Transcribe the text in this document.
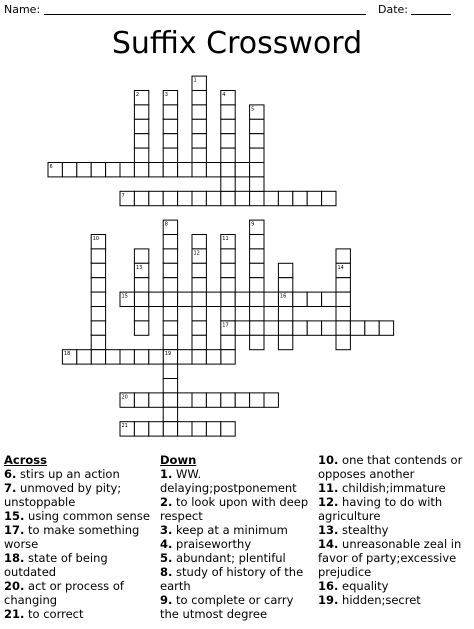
Name:	Date:
Suffix Crossword
6
7
2	3
1
4
5
8
19
9
10
13
12
11
17
16
14
15
18
20
21
Across
6. stirs up an action
7. unmoved by pity; unstoppable
15. using common sense
17. to make something worse
18. state of being outdated
20. act or process of changing
21. to correct
Down
1. WW. delaying;postponement
2. to look upon with deep respect
3. keep at a minimum
4. praiseworthy
5. abundant; plentiful
8. study of history of the earth
9. to complete or carry the utmost degree
10. one that contends or opposes another
11. childish;immature
12. having to do with agriculture
13. stealthy
14. unreasonable zeal in favor of party;excessive prejudice
16. equality
19. hidden;secret
